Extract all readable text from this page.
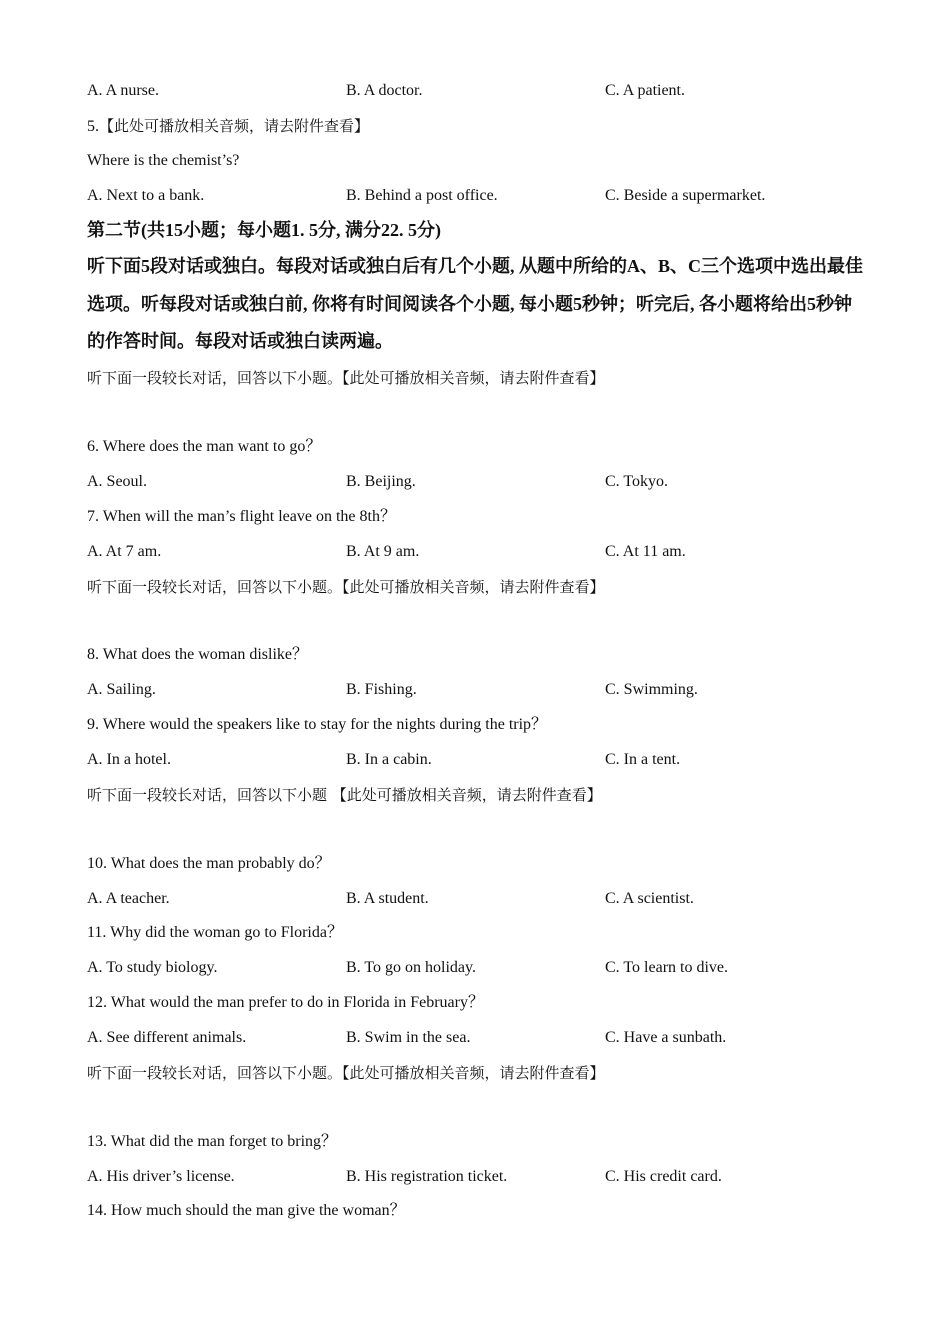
A. A nurse.	B. A doctor.	C. A patient.
5.【此处可播放相关音频，请去附件查看】
Where is the chemist’s?
A. Next to a bank.	B. Behind a post office.	C. Beside a supermarket.
第二节(共15小题；每小题1. 5分, 满分22. 5分)
听下面5段对话或独白。每段对话或独白后有几个小题, 从题中所给的A、B、C三个选项中选出最佳选项。听每段对话或独白前, 你将有时间阅读各个小题, 每小题5秒钟；听完后, 各小题将给出5秒钟的作答时间。每段对话或独白读两遍。
听下面一段较长对话，回答以下小题。【此处可播放相关音频，请去附件查看】
6. Where does the man want to go？
A. Seoul.	B. Beijing.	C. Tokyo.
7. When will the man’s flight leave on the 8th？
A. At 7 am.	B. At 9 am.	C. At 11 am.
听下面一段较长对话，回答以下小题。【此处可播放相关音频，请去附件查看】
8. What does the woman dislike？
A. Sailing.	B. Fishing.	C. Swimming.
9. Where would the speakers like to stay for the nights during the trip？
A. In a hotel.	B. In a cabin.	C. In a tent.
听下面一段较长对话，回答以下小题 【此处可播放相关音频，请去附件查看】
10. What does the man probably do？
A. A teacher.	B. A student.	C. A scientist.
11. Why did the woman go to Florida？
A. To study biology.	B. To go on holiday.	C. To learn to dive.
12. What would the man prefer to do in Florida in February？
A. See different animals.	B. Swim in the sea.	C. Have a sunbath.
听下面一段较长对话，回答以下小题。【此处可播放相关音频，请去附件查看】
13. What did the man forget to bring？
A. His driver’s license.	B. His registration ticket.	C. His credit card.
14. How much should the man give the woman？
